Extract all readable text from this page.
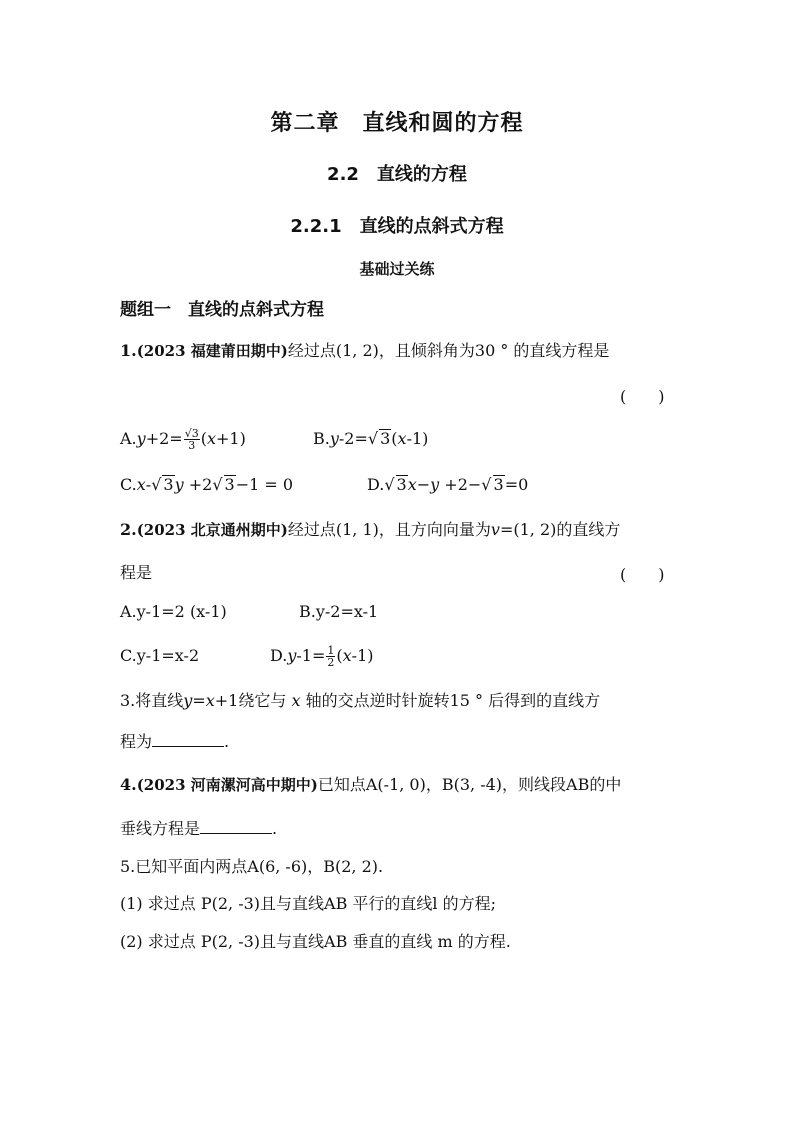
第二章　直线和圆的方程
2.2　直线的方程
2.2.1　直线的点斜式方程
基础过关练
题组一　直线的点斜式方程
1.(2023 福建莆田期中)经过点(1, 2)，且倾斜角为30 ° 的直线方程是
(　　)
$A.y+2= \frac{√3}{3} (x+1)$	B.y-2=√ 3(x-1)
C.x-√ 3y +2√ 3−1 = 0	D.√ 3x−y +2−√ 3=0
2.(2023 北京通州期中)经过点(1, 1)，且方向向量为v=(1, 2)的直线方
程是	(　　)
A.y-1=2 (x-1)	B.y-2=x-1
C.y-1=x-2	$D.y-1= \frac{1}{2} (x-1)$
3.将直线y=x+1绕它与 x 轴的交点逆时针旋转15 ° 后得到的直线方
程为	.
4.(2023 河南漯河高中期中)已知点A(-1, 0)，B(3, -4)，则线段AB的中
垂线方程是	.
5.已知平面内两点A(6, -6)，B(2, 2).
(1) 求过点 P(2, -3)且与直线AB 平行的直线l 的方程;
(2) 求过点 P(2, -3)且与直线AB 垂直的直线 m 的方程.
